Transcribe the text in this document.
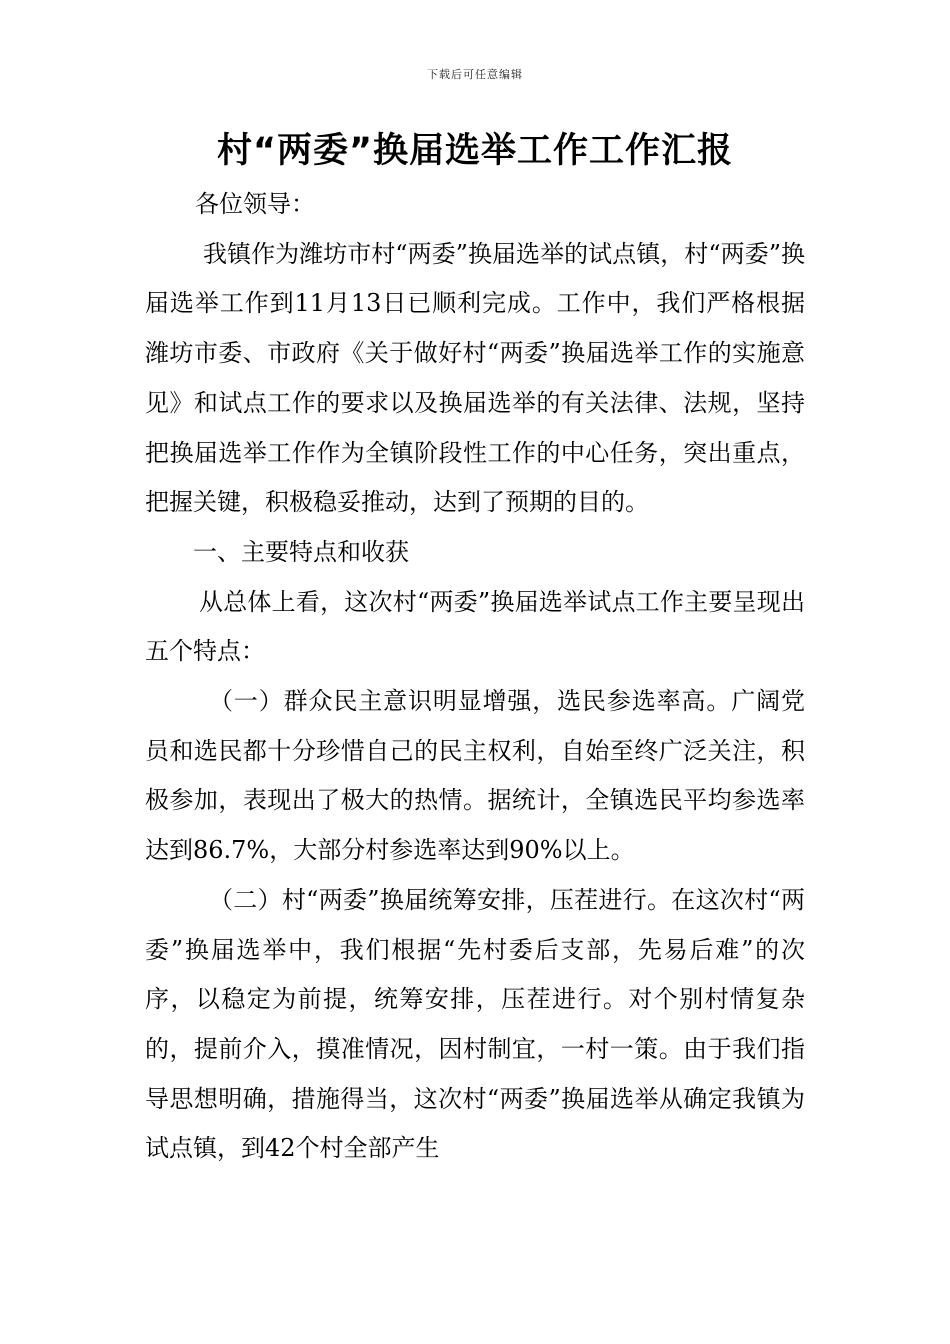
下载后可任意编辑
村“两委”换届选举工作工作汇报

各位领导：

我镇作为潍坊市村“两委”换届选举的试点镇，村“两委”换届选举工作到11月13日已顺利完成。工作中，我们严格根据潍坊市委、市政府《关于做好村“两委”换届选举工作的实施意见》和试点工作的要求以及换届选举的有关法律、法规，坚持把换届选举工作作为全镇阶段性工作的中心任务，突出重点，把握关键，积极稳妥推动，达到了预期的目的。

一、主要特点和收获

从总体上看，这次村“两委”换届选举试点工作主要呈现出五个特点：

（一）群众民主意识明显增强，选民参选率高。广阔党员和选民都十分珍惜自己的民主权利，自始至终广泛关注，积极参加，表现出了极大的热情。据统计，全镇选民平均参选率达到86.7%，大部分村参选率达到90%以上。

（二）村“两委”换届统筹安排，压茬进行。在这次村“两委”换届选举中，我们根据“先村委后支部，先易后难”的次序，以稳定为前提，统筹安排，压茬进行。对个别村情复杂的，提前介入，摸准情况，因村制宜，一村一策。由于我们指导思想明确，措施得当，这次村“两委”换届选举从确定我镇为试点镇，到42个村全部产生
